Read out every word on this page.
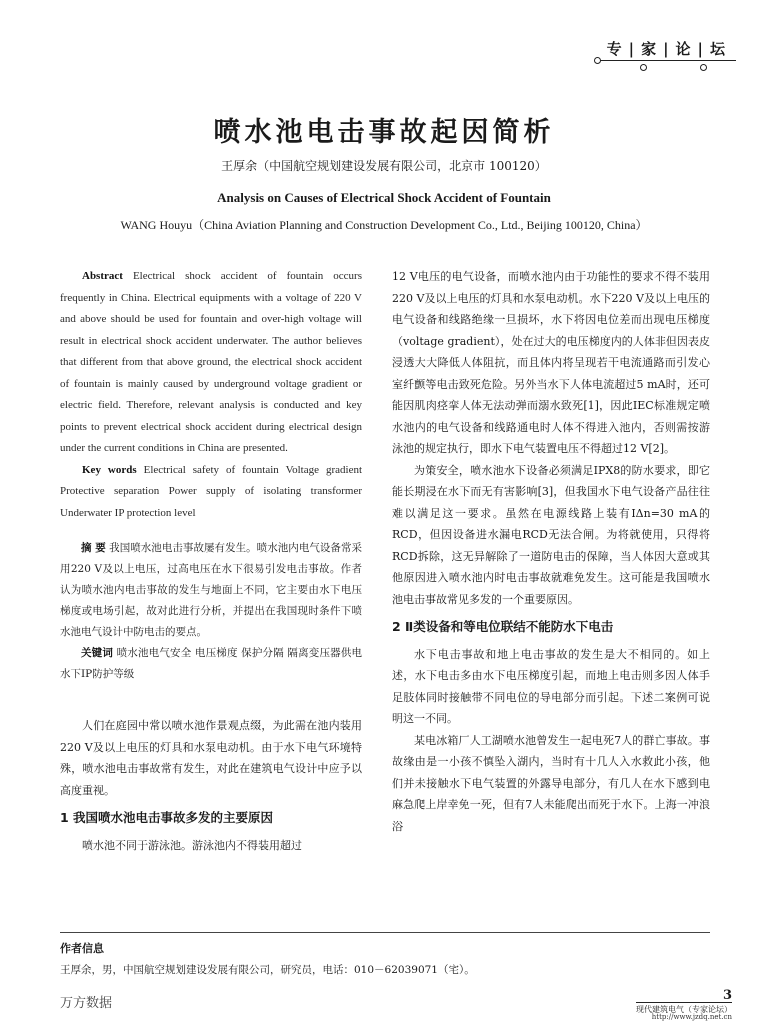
专|家|论|坛
喷水池电击事故起因简析
王厚余（中国航空规划建设发展有限公司，北京市 100120）
Analysis on Causes of Electrical Shock Accident of Fountain
WANG Houyu（China Aviation Planning and Construction Development Co., Ltd., Beijing 100120, China）

Abstract Electrical shock accident of fountain occurs frequently in China. Electrical equipments with a voltage of 220 V and above should be used for fountain and over-high voltage will result in electrical shock accident underwater. The author believes that different from that above ground, the electrical shock accident of fountain is mainly caused by underground voltage gradient or electric field. Therefore, relevant analysis is conducted and key points to prevent electrical shock accident during electrical design under the current conditions in China are presented.

Key words Electrical safety of fountain Voltage gradient Protective separation Power supply of isolating transformer Underwater IP protection level

摘 要 我国喷水池电击事故屡有发生。喷水池内电气设备常采用220 V及以上电压，过高电压在水下很易引发电击事故。作者认为喷水池内电击事故的发生与地面上不同，它主要由水下电压梯度或电场引起，故对此进行分析，并提出在我国现时条件下喷水池电气设计中防电击的要点。

关键词 喷水池电气安全 电压梯度 保护分隔 隔离变压器供电 水下IP防护等级

人们在庭园中常以喷水池作景观点缀，为此需在池内装用220 V及以上电压的灯具和水泵电动机。由于水下电气环境特殊，喷水池电击事故常有发生，对此在建筑电气设计中应予以高度重视。

1 我国喷水池电击事故多发的主要原因

喷水池不同于游泳池。游泳池内不得装用超过

12 V电压的电气设备，而喷水池内由于功能性的要求不得不装用220 V及以上电压的灯具和水泵电动机。水下220 V及以上电压的电气设备和线路绝缘一旦损坏，水下将因电位差而出现电压梯度（voltage gradient），处在过大的电压梯度内的人体非但因表皮浸透大大降低人体阻抗，而且体内将呈现若干电流通路而引发心室纤颤等电击致死危险。另外当水下人体电流超过5 mA时，还可能因肌肉痉挛人体无法动弹而溺水致死[1]，因此IEC标准规定喷水池内的电气设备和线路通电时人体不得进入池内，否则需按游泳池的规定执行，即水下电气装置电压不得超过12 V[2]。

为策安全，喷水池水下设备必须满足IPX8的防水要求，即它能长期浸在水下而无有害影响[3]，但我国水下电气设备产品往往难以满足这一要求。虽然在电源线路上装有IΔn=30 mA的RCD，但因设备进水漏电RCD无法合闸。为将就使用，只得将RCD拆除，这无异解除了一道防电击的保障，当人体因大意或其他原因进入喷水池内时电击事故就难免发生。这可能是我国喷水池电击事故常见多发的一个重要原因。

2 Ⅱ类设备和等电位联结不能防水下电击

水下电击事故和地上电击事故的发生是大不相同的。如上述，水下电击多由水下电压梯度引起，而地上电击则多因人体手足肢体同时接触带不同电位的导电部分而引起。下述二案例可说明这一不同。

某电冰箱厂人工湖喷水池曾发生一起电死7人的群亡事故。事故缘由是一小孩不慎坠入湖内，当时有十几人入水救此小孩，他们并未接触水下电气装置的外露导电部分，有几人在水下感到电麻急爬上岸幸免一死，但有7人未能爬出而死于水下。上海一冲浪浴

作者信息
王厚余，男，中国航空规划建设发展有限公司，研究员，电话：010－62039071（宅）。
万方数据
3
现代建筑电气（专家论坛）
http://www.jzdq.net.cn
